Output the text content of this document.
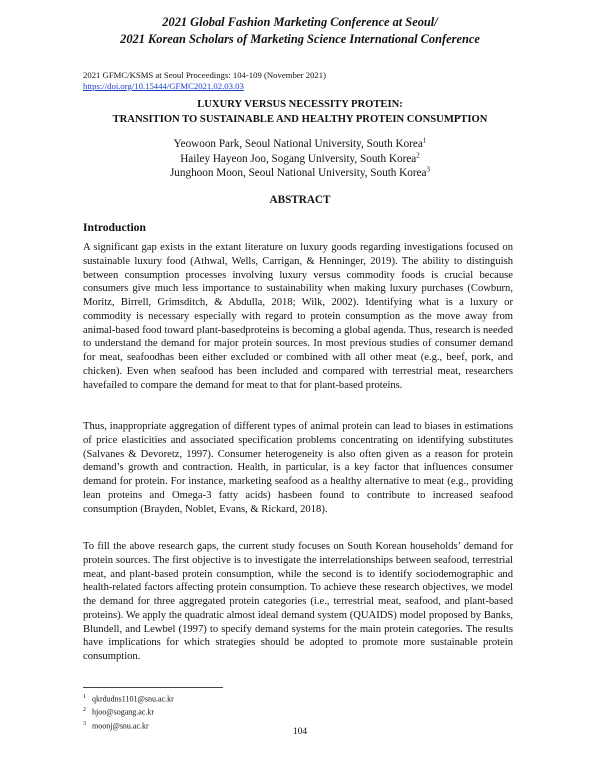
2021 Global Fashion Marketing Conference at Seoul/
2021 Korean Scholars of Marketing Science International Conference
2021 GFMC/KSMS at Seoul Proceedings: 104-109 (November 2021)
https://doi.org/10.15444/GFMC2021.02.03.03
LUXURY VERSUS NECESSITY PROTEIN:
TRANSITION TO SUSTAINABLE AND HEALTHY PROTEIN CONSUMPTION
Yeowoon Park, Seoul National University, South Korea$^1$
Hailey Hayeon Joo, Sogang University, South Korea$^2$
Junghoon Moon, Seoul National University, South Korea$^3$
ABSTRACT
Introduction

A significant gap exists in the extant literature on luxury goods regarding investigations focused on sustainable luxury food (Athwal, Wells, Carrigan, & Henninger, 2019). The ability to distinguish between consumption processes involving luxury versus commodity foods is crucial because consumers give much less importance to sustainability when making luxury purchases (Cowburn, Moritz, Birrell, Grimsditch, & Abdulla, 2018; Wilk, 2002). Identifying what is a luxury or commodity is necessary especially with regard to protein consumption as the move away from animal-based food toward plant-basedproteins is becoming a global agenda. Thus, research is needed to understand the demand for major protein sources. In most previous studies of consumer demand for meat, seafoodhas been either excluded or combined with all other meat (e.g., beef, pork, and chicken). Even when seafood has been included and compared with terrestrial meat, researchers havefailed to compare the demand for meat to that for plant-based proteins.

Thus, inappropriate aggregation of different types of animal protein can lead to biases in estimations of price elasticities and associated specification problems concentrating on identifying substitutes (Salvanes & Devoretz, 1997). Consumer heterogeneity is also often given as a reason for protein demand’s growth and contraction. Health, in particular, is a key factor that influences consumer demand for protein. For instance, marketing seafood as a healthy alternative to meat (e.g., providing lean proteins and Omega-3 fatty acids) hasbeen found to contribute to increased seafood consumption (Brayden, Noblet, Evans, & Rickard, 2018).

To fill the above research gaps, the current study focuses on South Korean households’ demand for protein sources. The first objective is to investigate the interrelationships between seafood, terrestrial meat, and plant-based protein consumption, while the second is to identify sociodemographic and health-related factors affecting protein consumption. To achieve these research objectives, we model the demand for three aggregated protein categories (i.e., terrestrial meat, seafood, and plant-based proteins). We apply the quadratic almost ideal demand system (QUAIDS) model proposed by Banks, Blundell, and Lewbel (1997) to specify demand systems for the main protein categories. The results have implications for which strategies should be adopted to promote more sustainable protein consumption.

$^1$ qkrdudns1101@snu.ac.kr
$^2$ hjoo@sogang.ac.kr
$^3$ moonj@snu.ac.kr
104
